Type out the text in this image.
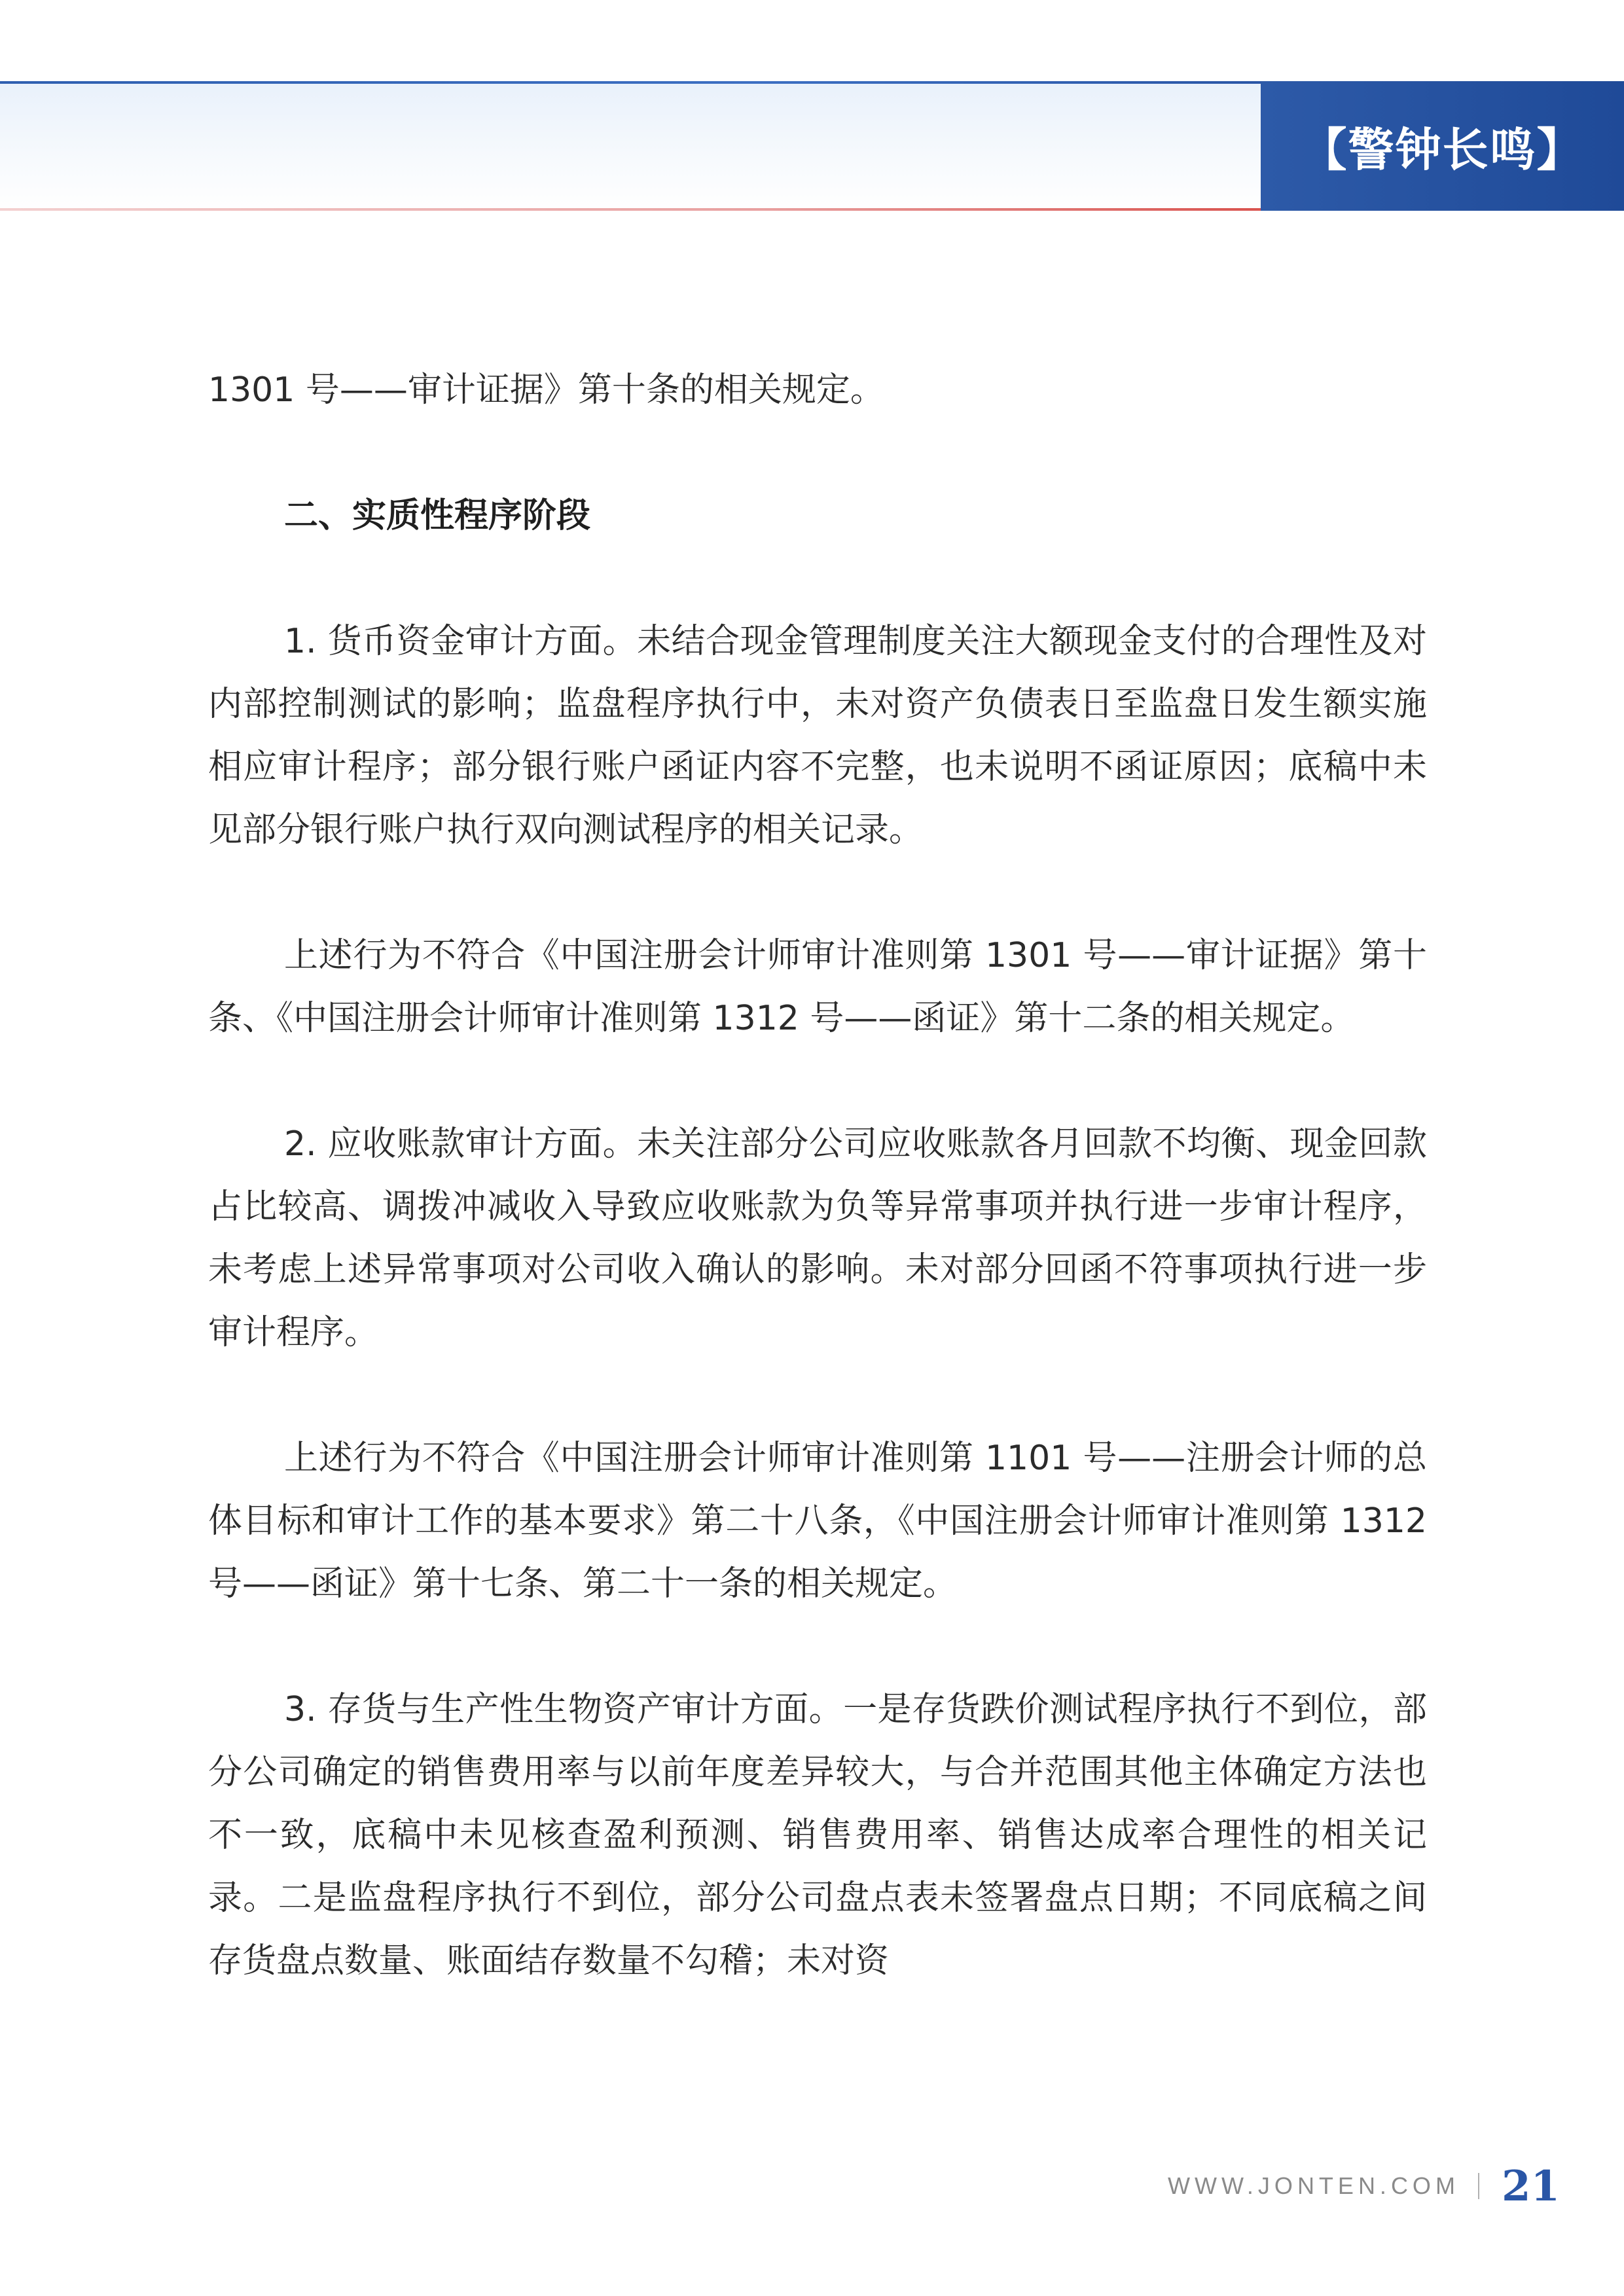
【警钟长鸣】

1301 号——审计证据》第十条的相关规定。

二、实质性程序阶段

1. 货币资金审计方面。未结合现金管理制度关注大额现金支付的合理性及对内部控制测试的影响；监盘程序执行中，未对资产负债表日至监盘日发生额实施相应审计程序；部分银行账户函证内容不完整，也未说明不函证原因；底稿中未见部分银行账户执行双向测试程序的相关记录。

上述行为不符合《中国注册会计师审计准则第 1301 号——审计证据》第十条、《中国注册会计师审计准则第 1312 号——函证》第十二条的相关规定。

2. 应收账款审计方面。未关注部分公司应收账款各月回款不均衡、现金回款占比较高、调拨冲减收入导致应收账款为负等异常事项并执行进一步审计程序，未考虑上述异常事项对公司收入确认的影响。未对部分回函不符事项执行进一步审计程序。

上述行为不符合《中国注册会计师审计准则第 1101 号——注册会计师的总体目标和审计工作的基本要求》第二十八条，《中国注册会计师审计准则第 1312 号——函证》第十七条、第二十一条的相关规定。

3. 存货与生产性生物资产审计方面。一是存货跌价测试程序执行不到位，部分公司确定的销售费用率与以前年度差异较大，与合并范围其他主体确定方法也不一致，底稿中未见核查盈利预测、销售费用率、销售达成率合理性的相关记录。二是监盘程序执行不到位，部分公司盘点表未签署盘点日期；不同底稿之间存货盘点数量、账面结存数量不勾稽；未对资

WWW.JONTEN.COM 21
